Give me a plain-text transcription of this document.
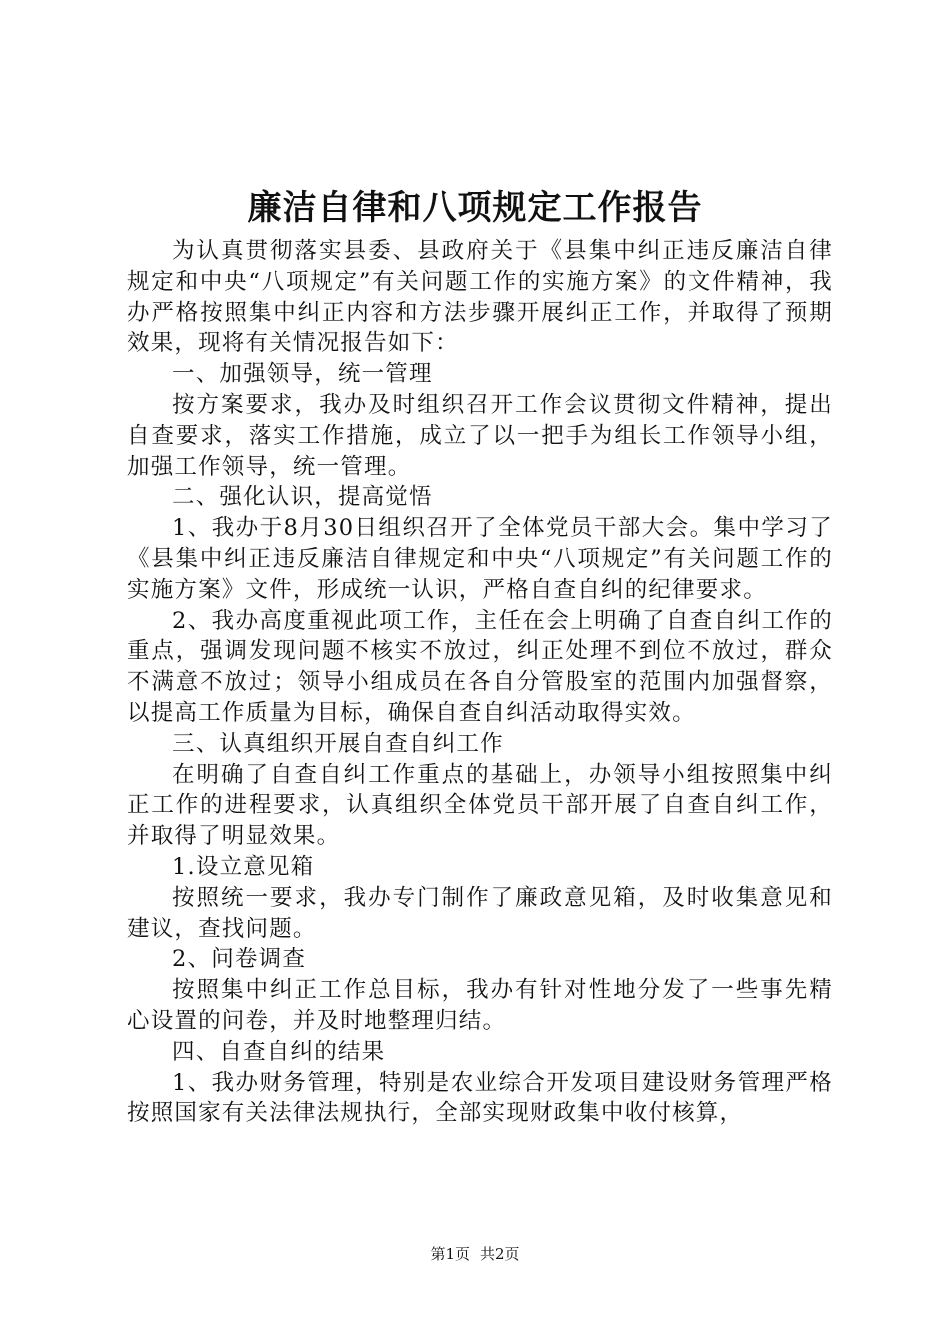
廉洁自律和八项规定工作报告

为认真贯彻落实县委、县政府关于《县集中纠正违反廉洁自律规定和中央“八项规定”有关问题工作的实施方案》的文件精神，我办严格按照集中纠正内容和方法步骤开展纠正工作，并取得了预期效果，现将有关情况报告如下：

一、加强领导，统一管理

按方案要求，我办及时组织召开工作会议贯彻文件精神，提出自查要求，落实工作措施，成立了以一把手为组长工作领导小组，加强工作领导，统一管理。

二、强化认识，提高觉悟

1、我办于8月30日组织召开了全体党员干部大会。集中学习了《县集中纠正违反廉洁自律规定和中央“八项规定”有关问题工作的实施方案》文件，形成统一认识，严格自查自纠的纪律要求。

2、我办高度重视此项工作，主任在会上明确了自查自纠工作的重点，强调发现问题不核实不放过，纠正处理不到位不放过，群众不满意不放过；领导小组成员在各自分管股室的范围内加强督察，以提高工作质量为目标，确保自查自纠活动取得实效。

三、认真组织开展自查自纠工作

在明确了自查自纠工作重点的基础上，办领导小组按照集中纠正工作的进程要求，认真组织全体党员干部开展了自查自纠工作，并取得了明显效果。

1.设立意见箱

按照统一要求，我办专门制作了廉政意见箱，及时收集意见和建议，查找问题。

2、问卷调查

按照集中纠正工作总目标，我办有针对性地分发了一些事先精心设置的问卷，并及时地整理归结。

四、自查自纠的结果

1、我办财务管理，特别是农业综合开发项目建设财务管理严格按照国家有关法律法规执行，全部实现财政集中收付核算，

第1页 共2页
